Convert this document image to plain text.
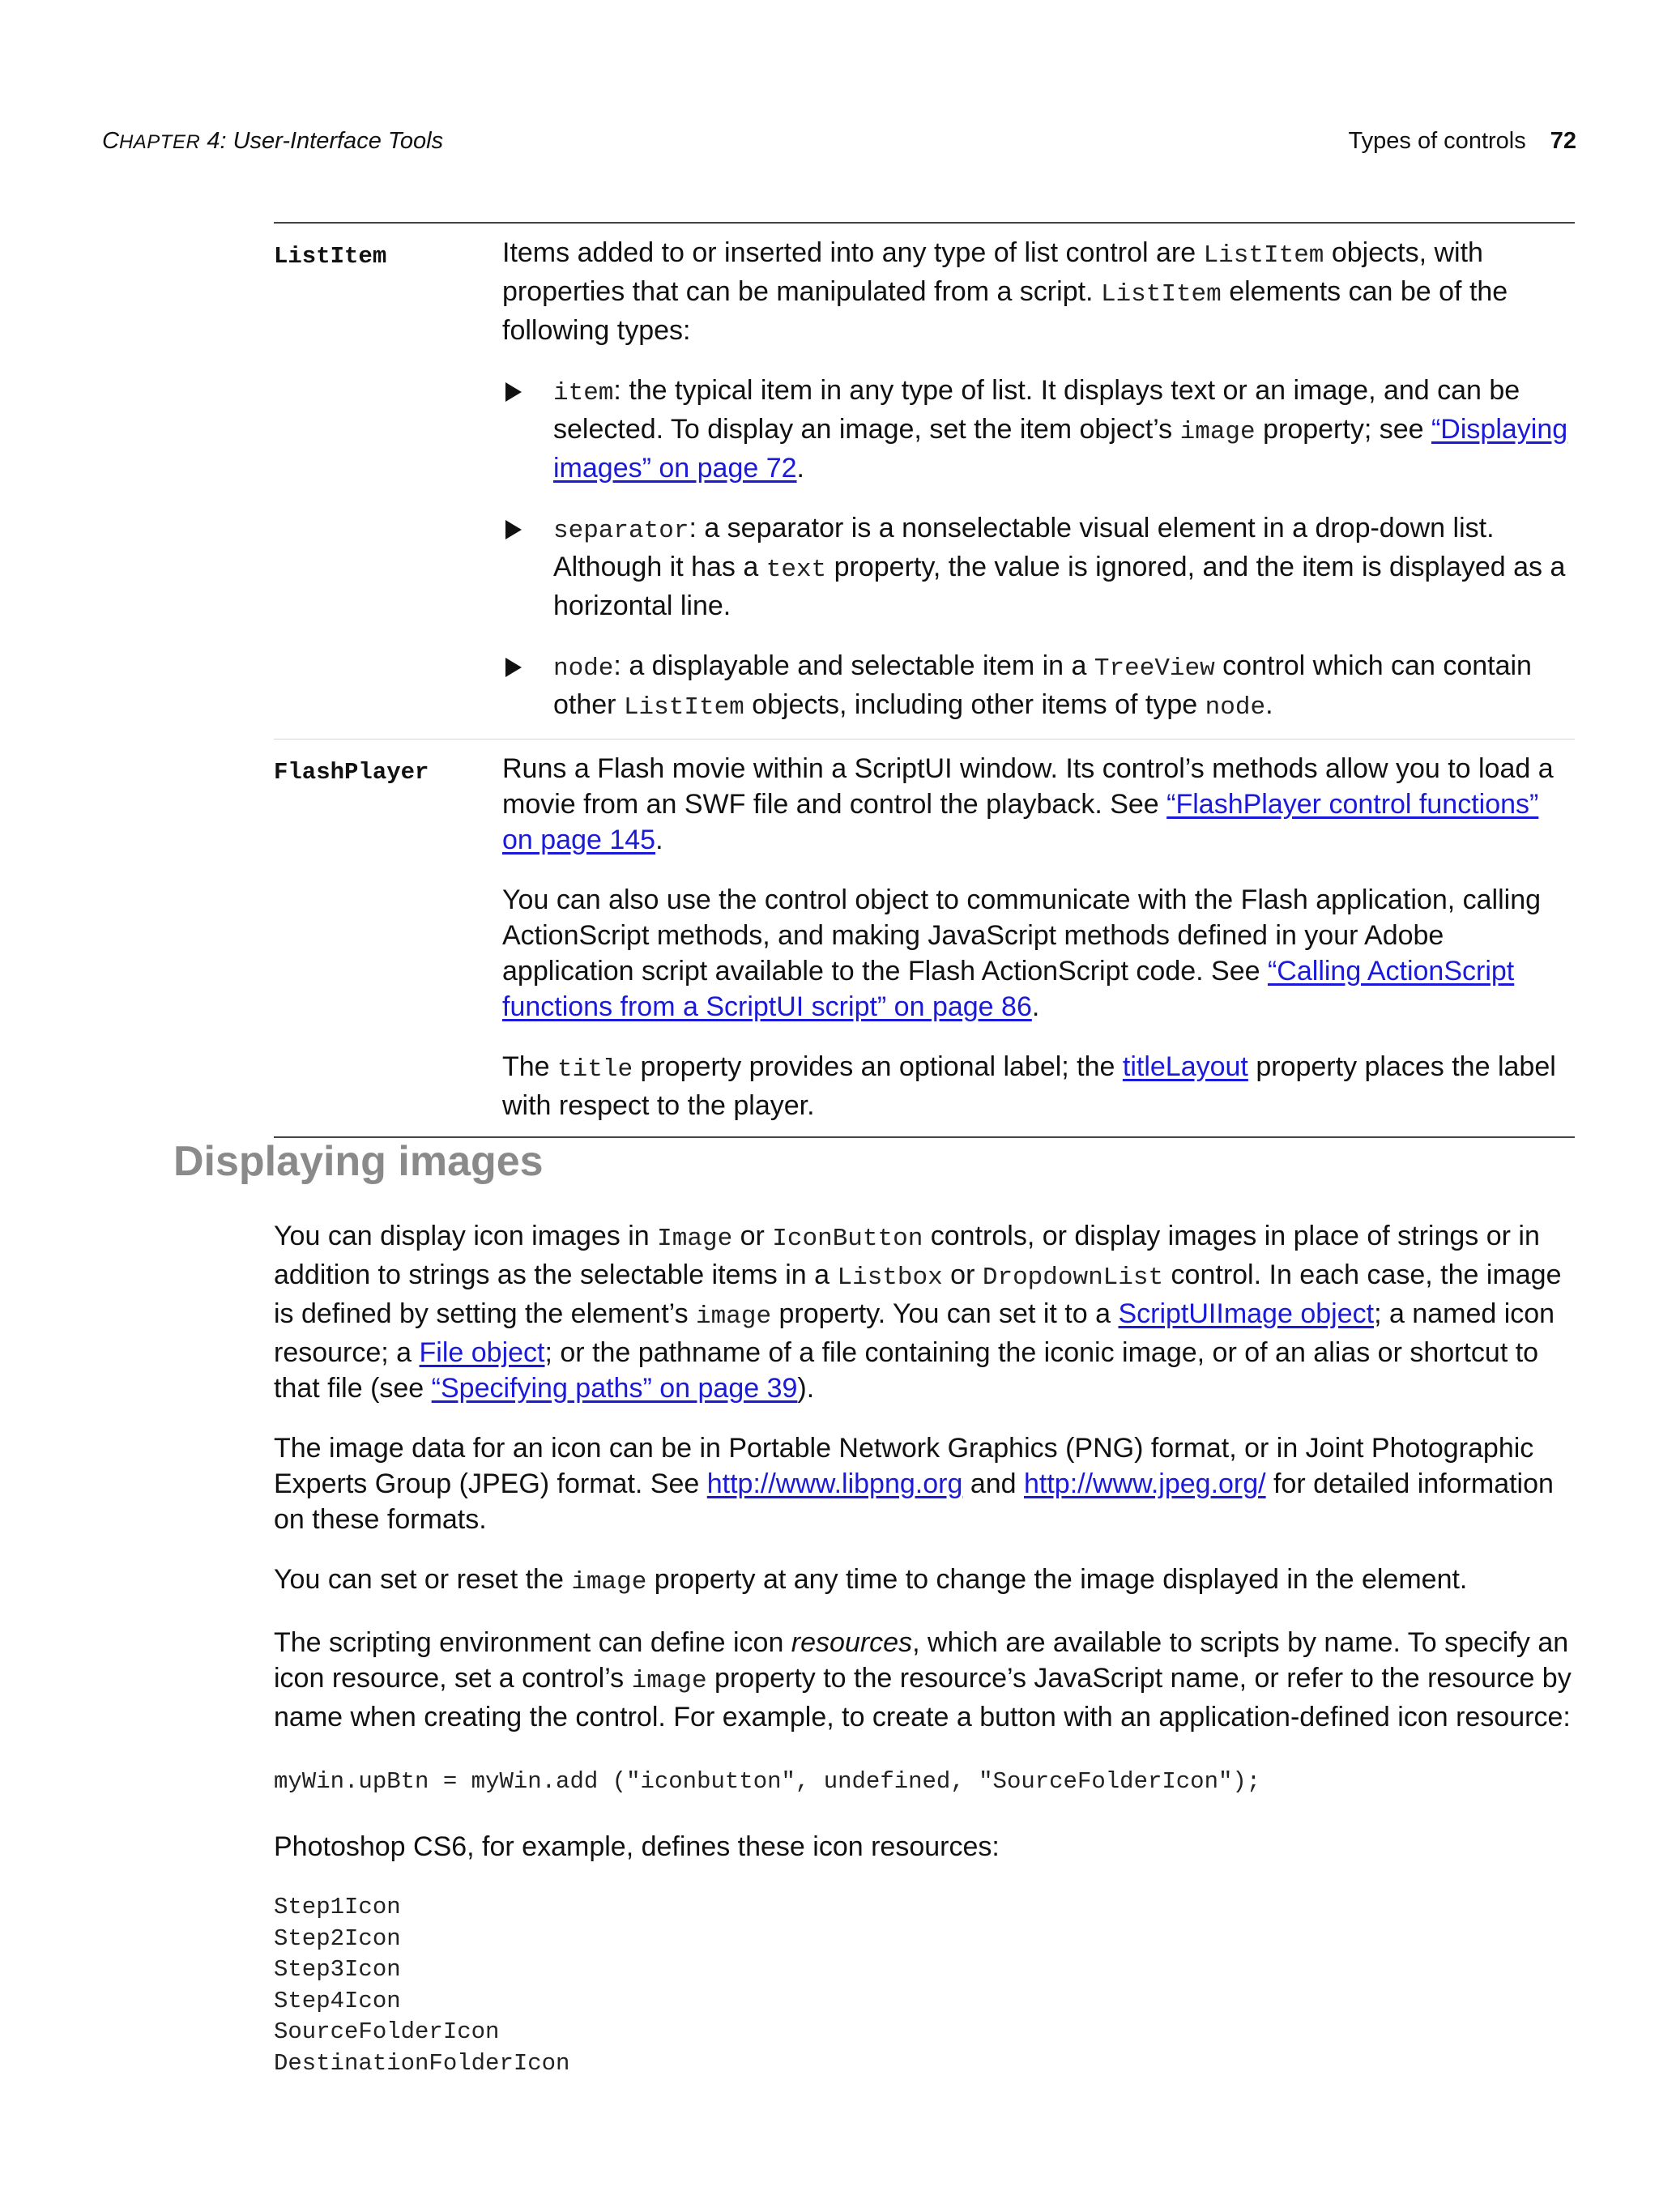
CHAPTER 4: User-Interface Tools	Types of controls 72
ListItem	Items added to or inserted into any type of list control are ListItem objects, with properties that can be manipulated from a script. ListItem elements can be of the following types:

item: the typical item in any type of list. It displays text or an image, and can be selected. To display an image, set the item object’s image property; see “Displaying images” on page 72.
separator: a separator is a nonselectable visual element in a drop-down list. Although it has a text property, the value is ignored, and the item is displayed as a horizontal line.
node: a displayable and selectable item in a TreeView control which can contain other ListItem objects, including other items of type node.
FlashPlayer	Runs a Flash movie within a ScriptUI window. Its control’s methods allow you to load a movie from an SWF file and control the playback. See “FlashPlayer control functions” on page 145.

You can also use the control object to communicate with the Flash application, calling ActionScript methods, and making JavaScript methods defined in your Adobe application script available to the Flash ActionScript code. See “Calling ActionScript functions from a ScriptUI script” on page 86.

The title property provides an optional label; the titleLayout property places the label with respect to the player.

Displaying images

You can display icon images in Image or IconButton controls, or display images in place of strings or in addition to strings as the selectable items in a Listbox or DropdownList control. In each case, the image is defined by setting the element’s image property. You can set it to a ScriptUIImage object; a named icon resource; a File object; or the pathname of a file containing the iconic image, or of an alias or shortcut to that file (see “Specifying paths” on page 39).

The image data for an icon can be in Portable Network Graphics (PNG) format, or in Joint Photographic Experts Group (JPEG) format. See http://www.libpng.org and http://www.jpeg.org/ for detailed information on these formats.

You can set or reset the image property at any time to change the image displayed in the element.

The scripting environment can define icon resources, which are available to scripts by name. To specify an icon resource, set a control’s image property to the resource’s JavaScript name, or refer to the resource by name when creating the control. For example, to create a button with an application-defined icon resource:

myWin.upBtn = myWin.add ("iconbutton", undefined, "SourceFolderIcon");

Photoshop CS6, for example, defines these icon resources:

Step1Icon
Step2Icon
Step3Icon
Step4Icon
SourceFolderIcon
DestinationFolderIcon
